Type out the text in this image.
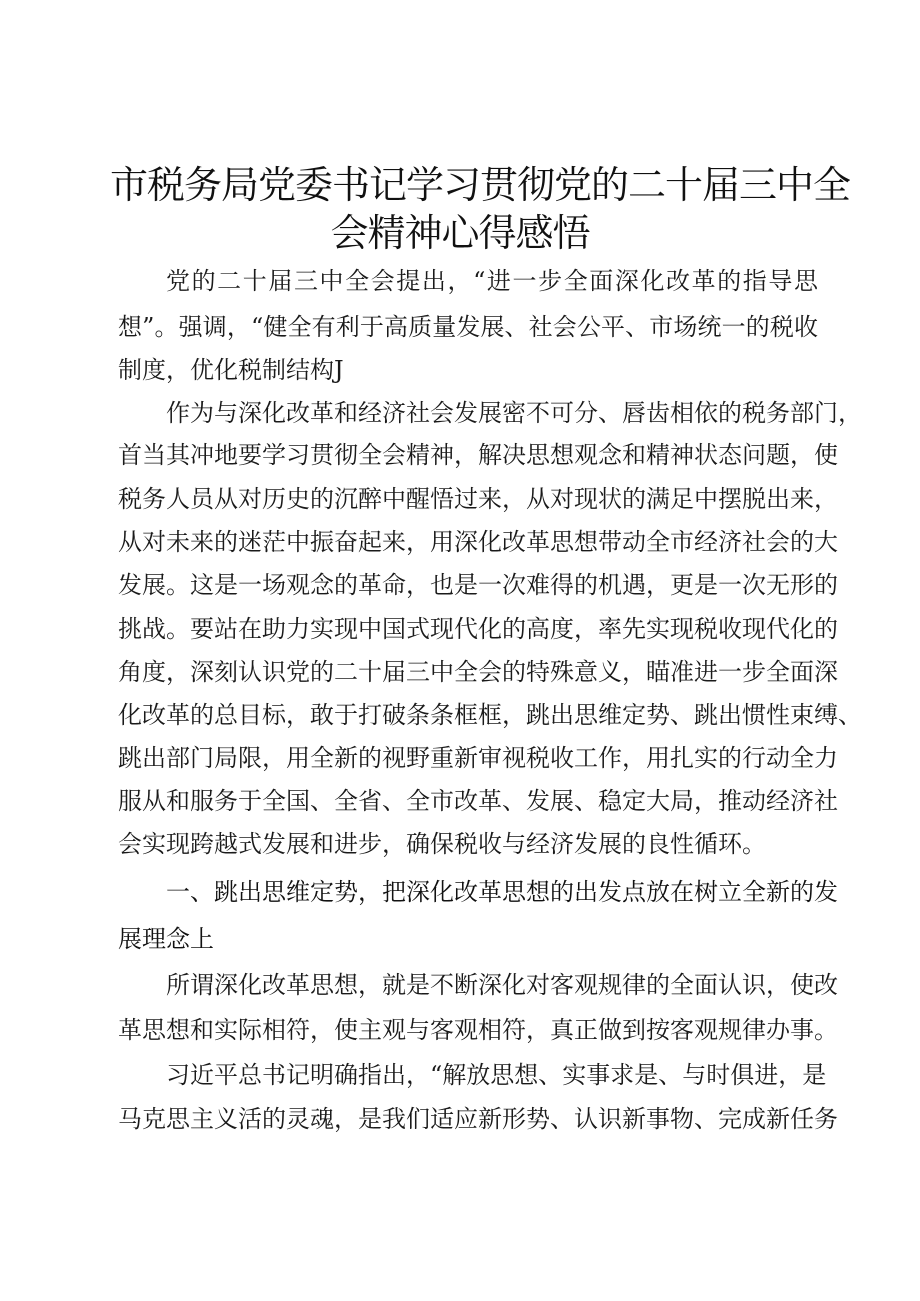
市税务局党委书记学习贯彻党的二十届三中全
会精神心得感悟
党的二十届三中全会提出，“进一步全面深化改革的指导思
想”。强调，“健全有利于高质量发展、社会公平、市场统一的税收
制度，优化税制结构J
作为与深化改革和经济社会发展密不可分、唇齿相依的税务部门，
首当其冲地要学习贯彻全会精神，解决思想观念和精神状态问题，使
税务人员从对历史的沉醉中醒悟过来，从对现状的满足中摆脱出来，
从对未来的迷茫中振奋起来，用深化改革思想带动全市经济社会的大
发展。这是一场观念的革命，也是一次难得的机遇，更是一次无形的
挑战。要站在助力实现中国式现代化的高度，率先实现税收现代化的
角度，深刻认识党的二十届三中全会的特殊意义，瞄准进一步全面深
化改革的总目标，敢于打破条条框框，跳出思维定势、跳出惯性束缚、
跳出部门局限，用全新的视野重新审视税收工作，用扎实的行动全力
服从和服务于全国、全省、全市改革、发展、稳定大局，推动经济社
会实现跨越式发展和进步，确保税收与经济发展的良性循环。
一、跳出思维定势，把深化改革思想的出发点放在树立全新的发
展理念上
所谓深化改革思想，就是不断深化对客观规律的全面认识，使改
革思想和实际相符，使主观与客观相符，真正做到按客观规律办事。
习近平总书记明确指出，“解放思想、实事求是、与时俱进，是
马克思主义活的灵魂，是我们适应新形势、认识新事物、完成新任务
